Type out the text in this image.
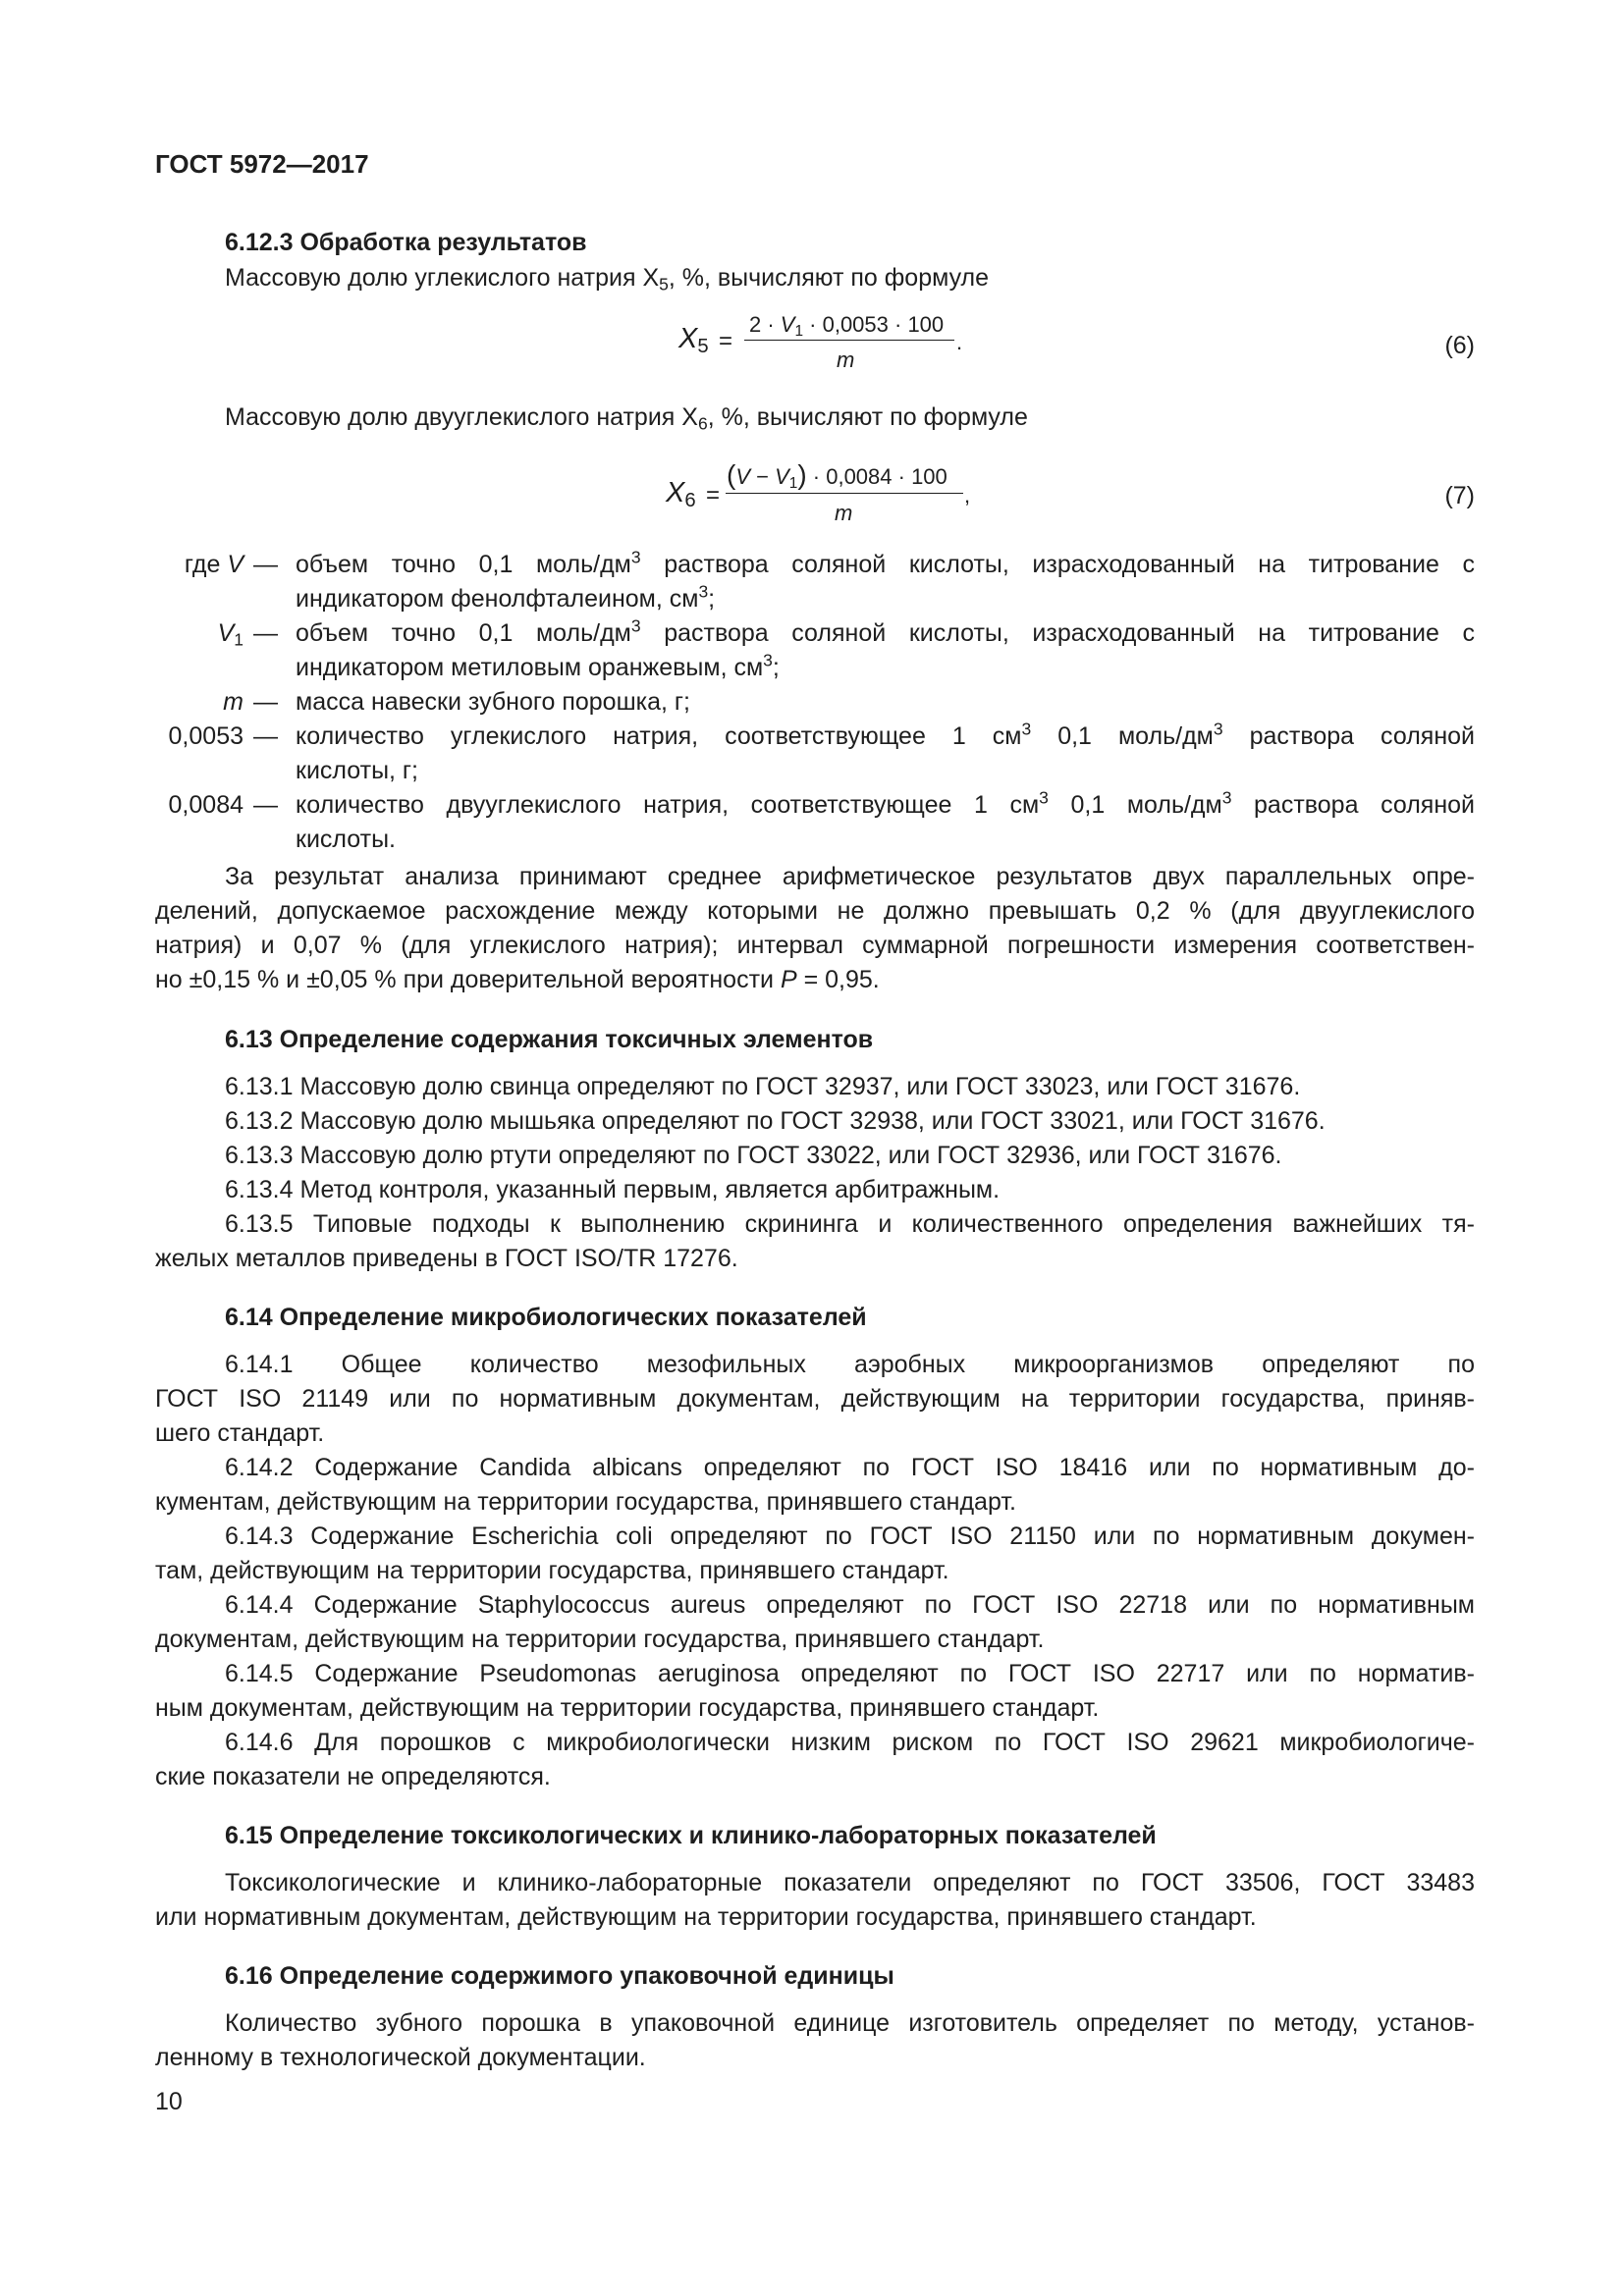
ГОСТ 5972—2017
6.12.3 Обработка результатов
Массовую долю углекислого натрия $X_5$, %, вычисляют по формуле
$X_5$ =
$2 \cdot V_1 \cdot 0,0053 \cdot 100$
m
.	(6)
Массовую долю двууглекислого натрия $X_6$, %, вычисляют по формуле
$X_6$ =
$(V - V_1) \cdot 0,0084 \cdot 100$
m
,	(7)
где V — объем точно 0,1 моль/$дм^3$ раствора соляной кислоты, израсходованный на титрование с
индикатором фенолфталеином, $см^3$;
$V_1$ — объем точно 0,1 моль/$дм^3$ раствора соляной кислоты, израсходованный на титрование с
индикатором метиловым оранжевым, $см^3$;
m — масса навески зубного порошка, г;
0,0053 — количество углекислого натрия, соответствующее 1 $см^3$ 0,1 моль/$дм^3$ раствора соляной
кислоты, г;
0,0084 — количество двууглекислого натрия, соответствующее 1 $см^3$ 0,1 моль/$дм^3$ раствора соляной
кислоты.
За результат анализа принимают среднее арифметическое результатов двух параллельных опре-
делений, допускаемое расхождение между которыми не должно превышать 0,2 % (для двууглекислого
натрия) и 0,07 % (для углекислого натрия); интервал суммарной погрешности измерения соответствен-
но ±0,15 % и ±0,05 % при доверительной вероятности P = 0,95.
6.13 Определение содержания токсичных элементов
6.13.1 Массовую долю свинца определяют по ГОСТ 32937, или ГОСТ 33023, или ГОСТ 31676.
6.13.2 Массовую долю мышьяка определяют по ГОСТ 32938, или ГОСТ 33021, или ГОСТ 31676.
6.13.3 Массовую долю ртути определяют по ГОСТ 33022, или ГОСТ 32936, или ГОСТ 31676.
6.13.4 Метод контроля, указанный первым, является арбитражным.
6.13.5 Типовые подходы к выполнению скрининга и количественного определения важнейших тя-
желых металлов приведены в ГОСТ ISO/TR 17276.
6.14 Определение микробиологических показателей
6.14.1 Общее количество мезофильных аэробных микроорганизмов определяют по
ГОСТ ISO 21149 или по нормативным документам, действующим на территории государства, приняв-
шего стандарт.
6.14.2 Содержание Candida albicans определяют по ГОСТ ISO 18416 или по нормативным до-
кументам, действующим на территории государства, принявшего стандарт.
6.14.3 Содержание Escherichia coli определяют по ГОСТ ISO 21150 или по нормативным докумен-
там, действующим на территории государства, принявшего стандарт.
6.14.4 Содержание Staphylococcus aureus определяют по ГОСТ ISO 22718 или по нормативным
документам, действующим на территории государства, принявшего стандарт.
6.14.5 Содержание Pseudomonas aeruginosa определяют по ГОСТ ISO 22717 или по норматив-
ным документам, действующим на территории государства, принявшего стандарт.
6.14.6 Для порошков с микробиологически низким риском по ГОСТ ISO 29621 микробиологиче-
ские показатели не определяются.
6.15 Определение токсикологических и клинико-лабораторных показателей
Токсикологические и клинико-лабораторные показатели определяют по ГОСТ 33506, ГОСТ 33483
или нормативным документам, действующим на территории государства, принявшего стандарт.
6.16 Определение содержимого упаковочной единицы
Количество зубного порошка в упаковочной единице изготовитель определяет по методу, установ-
ленному в технологической документации.
10
